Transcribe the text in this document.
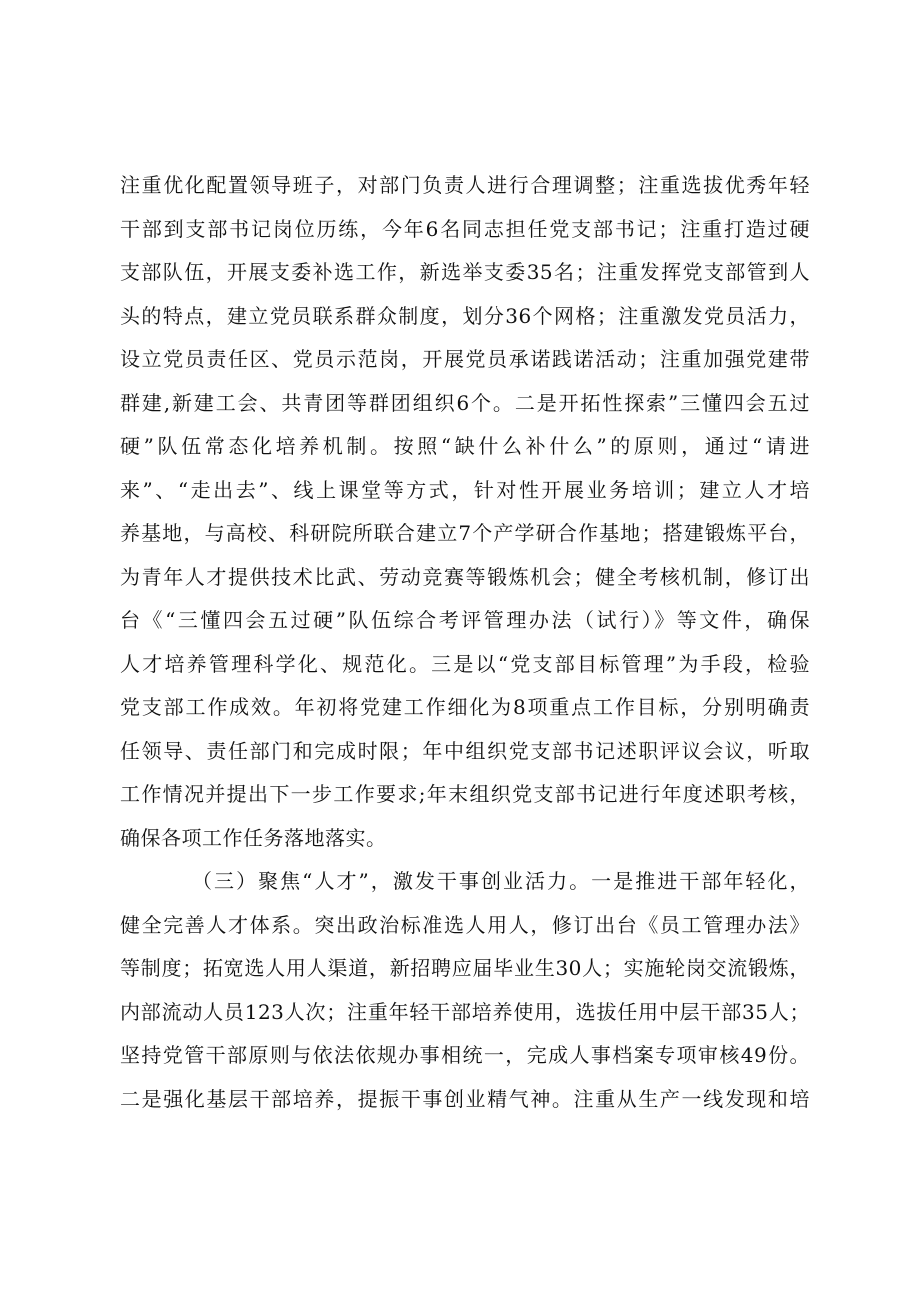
注重优化配置领导班子，对部门负责人进行合理调整；注重选拔优秀年轻
干部到支部书记岗位历练，今年6名同志担任党支部书记；注重打造过硬
支部队伍，开展支委补选工作，新选举支委35名；注重发挥党支部管到人
头的特点，建立党员联系群众制度，划分36个网格；注重激发党员活力，
设立党员责任区、党员示范岗，开展党员承诺践诺活动；注重加强党建带
群建,新建工会、共青团等群团组织6个。二是开拓性探索”三懂四会五过
硬”队伍常态化培养机制。按照“缺什么补什么”的原则，通过“请进
来”、“走出去”、线上课堂等方式，针对性开展业务培训；建立人才培
养基地，与高校、科研院所联合建立7个产学研合作基地；搭建锻炼平台，
为青年人才提供技术比武、劳动竞赛等锻炼机会；健全考核机制，修订出
台《“三懂四会五过硬”队伍综合考评管理办法（试行）》等文件，确保
人才培养管理科学化、规范化。三是以“党支部目标管理”为手段，检验
党支部工作成效。年初将党建工作细化为8项重点工作目标，分别明确责
任领导、责任部门和完成时限；年中组织党支部书记述职评议会议，听取
工作情况并提出下一步工作要求;年末组织党支部书记进行年度述职考核，
确保各项工作任务落地落实。
（三）聚焦“人才”，激发干事创业活力。一是推进干部年轻化，
健全完善人才体系。突出政治标准选人用人，修订出台《员工管理办法》
等制度；拓宽选人用人渠道，新招聘应届毕业生30人；实施轮岗交流锻炼，
内部流动人员123人次；注重年轻干部培养使用，选拔任用中层干部35人；
坚持党管干部原则与依法依规办事相统一，完成人事档案专项审核49份。
二是强化基层干部培养，提振干事创业精气神。注重从生产一线发现和培
